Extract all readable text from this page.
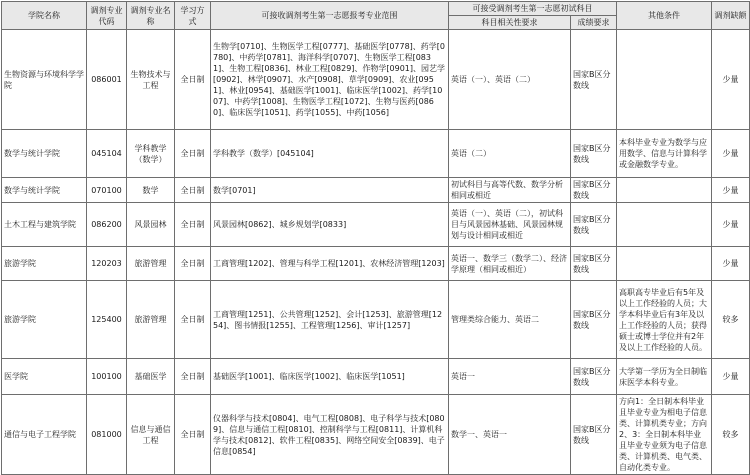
学院名称	调剂专业代码	调剂专业名称	学习方式	可接收调剂考生第一志愿报考专业范围	可接受调剂考生第一志愿初试科目		其他条件	调剂缺额
					科目相关性要求	成绩要求		
生物资源与环境科学学院	086001	生物技术与工程	全日制	生物学[0710]、生物医学工程[0777]、基础医学[0778]、药学[0780]、中药学[0781]、海洋科学[0707]、生物医学工程[0831]、生物工程[0836]、林业工程[0829]、作物学[0901]、园艺学[0902]、林学[0907]、水产[0908]、草学[0909]、农业[0951]、林业[0954]、基础医学[1001]、临床医学[1002]、药学[1007]、中药学[1008]、生物医学工程[1072]、生物与医药[0860]、临床医学[1051]、药学[1055]、中药[1056]	英语（一）、英语（二）	国家B区分数线		少量
数学与统计学院	045104	学科教学（数学）	全日制	学科教学（数学）[045104]	英语（二）	国家B区分数线	本科毕业专业为数学与应用数学、信息与计算科学或金融数学专业。	少量
数学与统计学院	070100	数学	全日制	数学[0701]	初试科目与高等代数、数学分析相同或相近	国家B区分数线		少量
土木工程与建筑学院	086200	风景园林	全日制	风景园林[0862]、城乡规划学[0833]	英语（一）、英语（二），初试科目与风景园林基础、风景园林规划与设计相同或相近	国家B区分数线		少量
旅游学院	120203	旅游管理	全日制	工商管理[1202]、管理与科学工程[1201]、农林经济管理[1203]	英语一、数学三（数学二）、经济学原理（相同或相近）	国家B区分数线		少量
旅游学院	125400	旅游管理	全日制	工商管理[1251]、公共管理[1252]、会计[1253]、旅游管理[1254]、图书情报[1255]、工程管理[1256]、审计[1257]	管理类综合能力、英语二	国家B区分数线	高职高专毕业后有5年及以上工作经验的人员；大学本科毕业后有3年及以上工作经验的人员；获得硕士或博士学位并有2年及以上工作经验的人员。	较多
医学院	100100	基础医学	全日制	基础医学[1001]、临床医学[1002]、临床医学[1051]	英语一	国家B区分数线	大学第一学历为全日制临床医学本科专业。	少量
通信与电子工程学院	081000	信息与通信工程	全日制	仪器科学与技术[0804]、电气工程[0808]、电子科学与技术[0809]、信息与通信工程[0810]、控制科学与工程[0811]、计算机科学与技术[0812]、软件工程[0835]、网络空间安全[0839]、电子信息[0854]	数学一、英语一	国家B区分数线	方向1：全日制本科毕业且毕业专业为相电子信息类、计算机类专业；方向2、3：全日制本科毕业且毕业专业须为电子信息类、计算机类、电气类、自动化类专业。	较多
